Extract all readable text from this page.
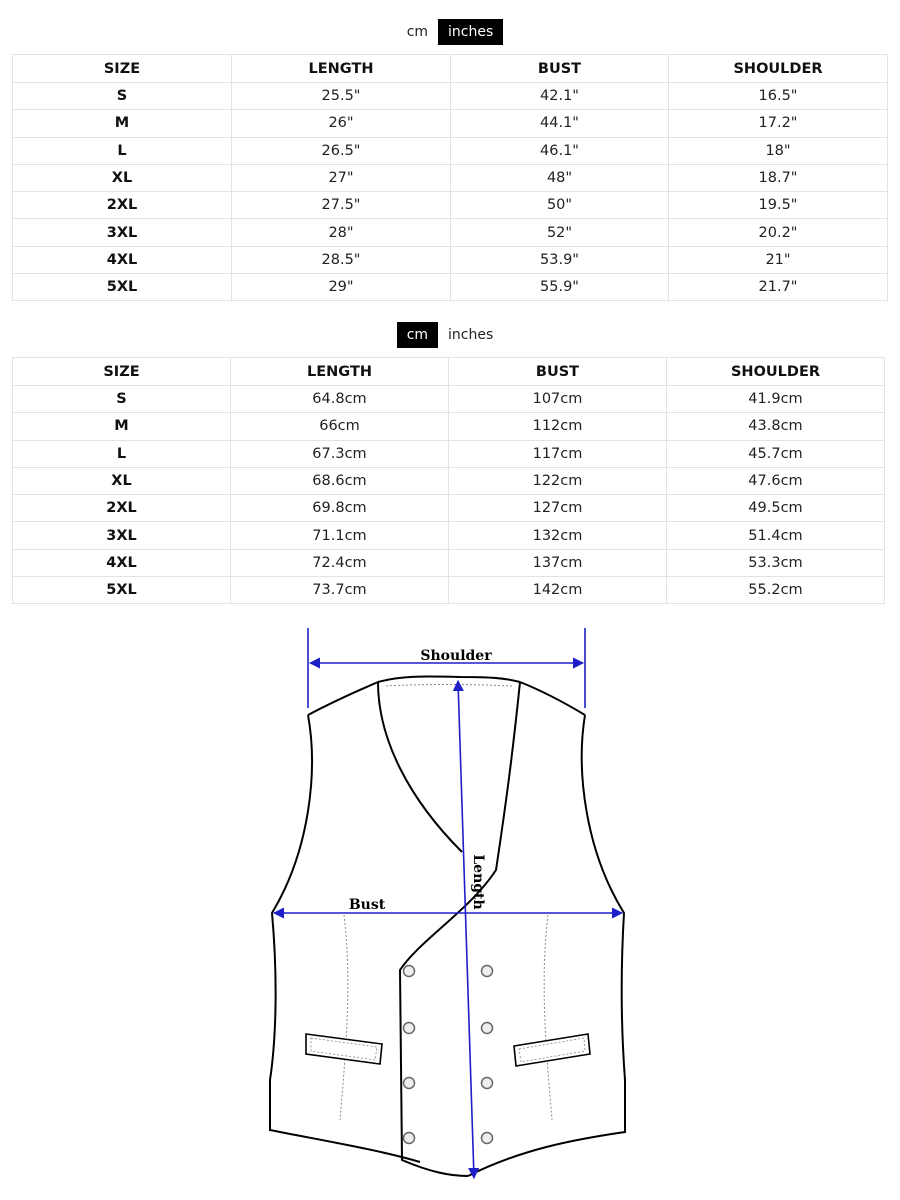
cm	inches
SIZE	LENGTH	BUST	SHOULDER
S	25.5"	42.1"	16.5"
M	26"	44.1"	17.2"
L	26.5"	46.1"	18"
XL	27"	48"	18.7"
2XL	27.5"	50"	19.5"
3XL	28"	52"	20.2"
4XL	28.5"	53.9"	21"
5XL	29"	55.9"	21.7"
cm	inches
SIZE	LENGTH	BUST	SHOULDER
S	64.8cm	107cm	41.9cm
M	66cm	112cm	43.8cm
L	67.3cm	117cm	45.7cm
XL	68.6cm	122cm	47.6cm
2XL	69.8cm	127cm	49.5cm
3XL	71.1cm	132cm	51.4cm
4XL	72.4cm	137cm	53.3cm
5XL	73.7cm	142cm	55.2cm
Shoulder
Bust	Length
